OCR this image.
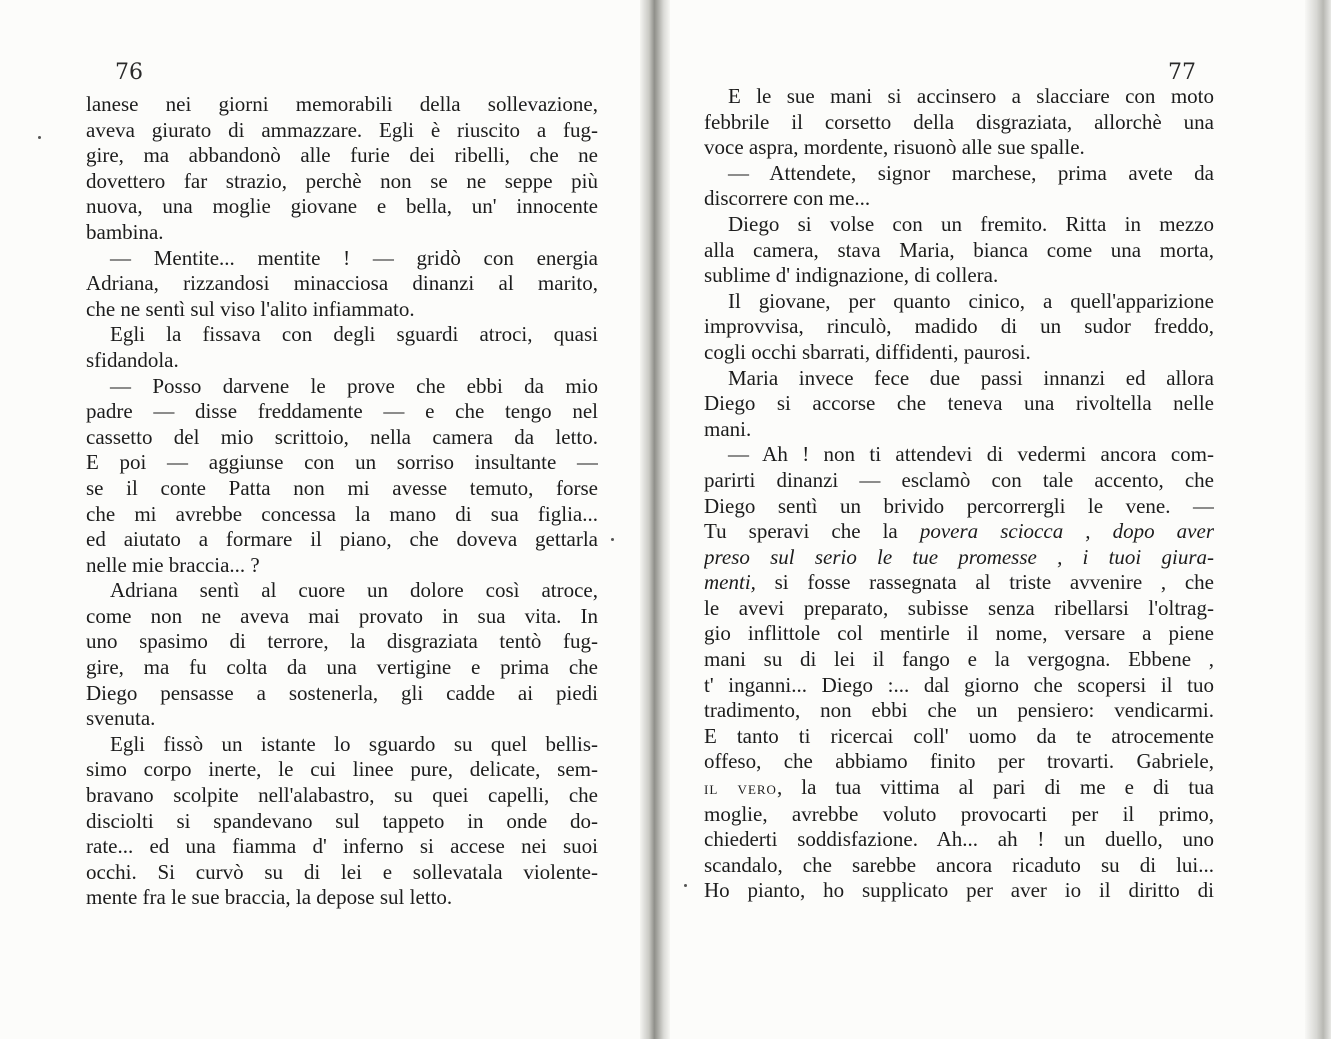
76

lanese nei giorni memorabili della sollevazione,
aveva giurato di ammazzare. Egli è riuscito a fug-
gire, ma abbandonò alle furie dei ribelli, che ne
dovettero far strazio, perchè non se ne seppe più
nuova, una moglie giovane e bella, un' innocente
bambina.
— Mentite... mentite ! — gridò con energia
Adriana, rizzandosi minacciosa dinanzi al marito,
che ne sentì sul viso l'alito infiammato.
Egli la fissava con degli sguardi atroci, quasi
sfidandola.
— Posso darvene le prove che ebbi da mio
padre — disse freddamente — e che tengo nel
cassetto del mio scrittoio, nella camera da letto.
E poi — aggiunse con un sorriso insultante —
se il conte Patta non mi avesse temuto, forse
che mi avrebbe concessa la mano di sua figlia...
ed aiutato a formare il piano, che doveva gettarla
nelle mie braccia... ?
Adriana sentì al cuore un dolore così atroce,
come non ne aveva mai provato in sua vita. In
uno spasimo di terrore, la disgraziata tentò fug-
gire, ma fu colta da una vertigine e prima che
Diego pensasse a sostenerla, gli cadde ai piedi
svenuta.
Egli fissò un istante lo sguardo su quel bellis-
simo corpo inerte, le cui linee pure, delicate, sem-
bravano scolpite nell'alabastro, su quei capelli, che
disciolti si spandevano sul tappeto in onde do-
rate... ed una fiamma d' inferno si accese nei suoi
occhi. Si curvò su di lei e sollevatala violente-
mente fra le sue braccia, la depose sul letto.

77

E le sue mani si accinsero a slacciare con moto
febbrile il corsetto della disgraziata, allorchè una
voce aspra, mordente, risuonò alle sue spalle.
— Attendete, signor marchese, prima avete da
discorrere con me...
Diego si volse con un fremito. Ritta in mezzo
alla camera, stava Maria, bianca come una morta,
sublime d' indignazione, di collera.
Il giovane, per quanto cinico, a quell'apparizione
improvvisa, rinculò, madido di un sudor freddo,
cogli occhi sbarrati, diffidenti, paurosi.
Maria invece fece due passi innanzi ed allora
Diego si accorse che teneva una rivoltella nelle
mani.
— Ah ! non ti attendevi di vedermi ancora com-
parirti dinanzi — esclamò con tale accento, che
Diego sentì un brivido percorrergli le vene. —
Tu speravi che la povera sciocca , dopo aver
preso sul serio le tue promesse , i tuoi giura-
menti, si fosse rassegnata al triste avvenire , che
le avevi preparato, subisse senza ribellarsi l'oltrag-
gio inflittole col mentirle il nome, versare a piene
mani su di lei il fango e la vergogna. Ebbene ,
t' inganni... Diego :... dal giorno che scopersi il tuo
tradimento, non ebbi che un pensiero: vendicarmi.
E tanto ti ricercai coll' uomo da te atrocemente
offeso, che abbiamo finito per trovarti. Gabriele,
il vero, la tua vittima al pari di me e di tua
moglie, avrebbe voluto provocarti per il primo,
chiederti soddisfazione. Ah... ah ! un duello, uno
scandalo, che sarebbe ancora ricaduto su di lui...
Ho pianto, ho supplicato per aver io il diritto di
